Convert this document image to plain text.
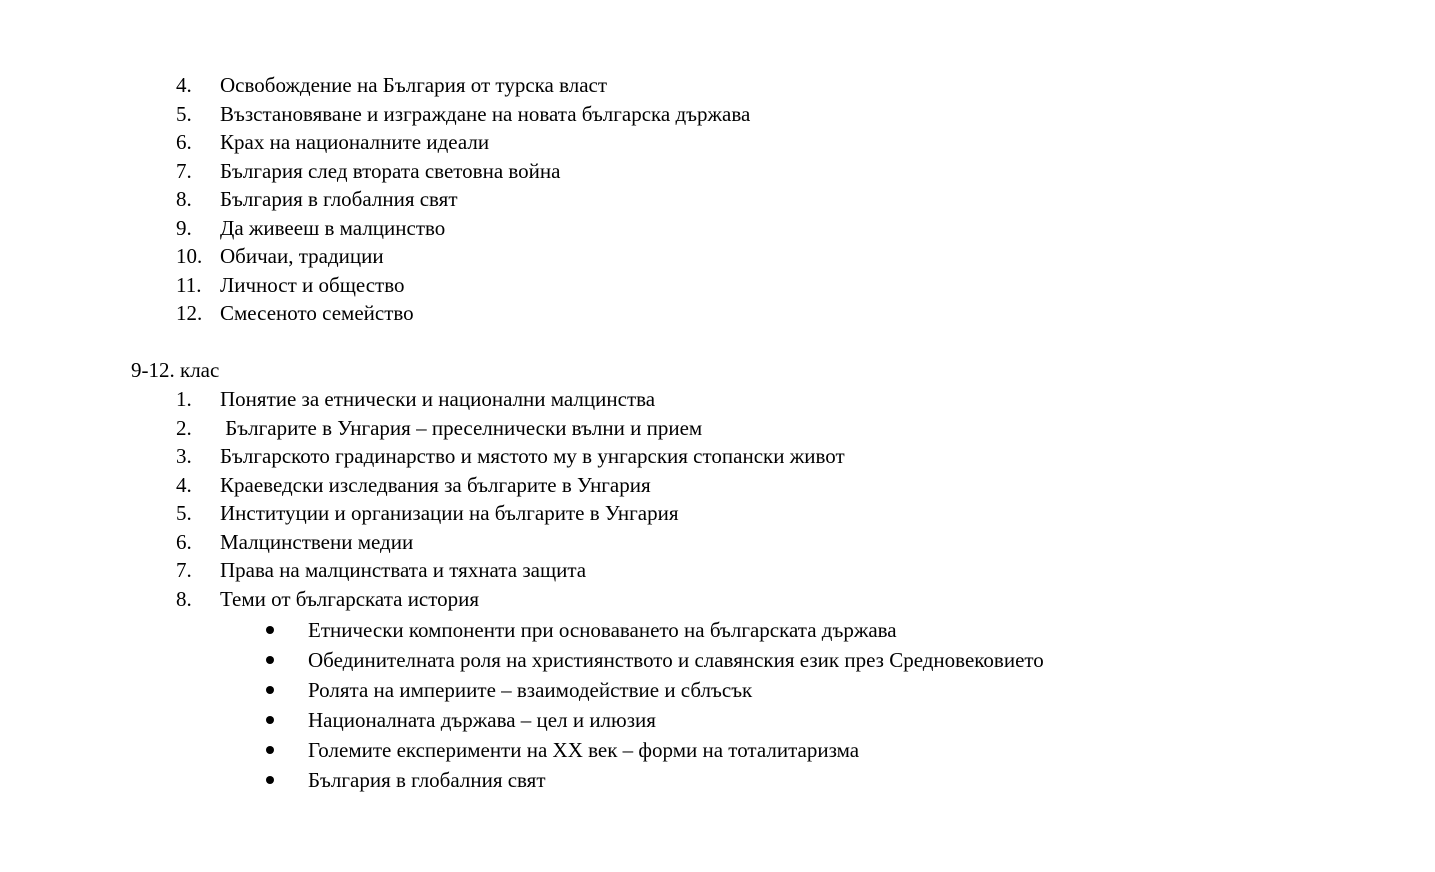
4. Освобождение на България от турска власт
5. Възстановяване и изграждане на новата българска държава
6. Крах на националните идеали
7. България след втората световна война
8. България в глобалния свят
9. Да живееш в малцинство
10. Обичаи, традиции
11. Личност и общество
12. Смесеното семейство
9-12. клас
1. Понятие за етнически и национални малцинства
2. Българите в Унгария – преселнически вълни и прием
3. Българското градинарство и мястото му в унгарския стопански живот
4. Краеведски изследвания за българите в Унгария
5. Институции и организации на българите в Унгария
6. Малцинствени медии
7. Права на малцинствата и тяхната защита
8. Теми от българската история
Етнически компоненти при основаването на българската държава
Обединителната роля на християнството и славянския език през Средновековието
Ролята на империите – взаимодействие и сблъсък
Националната държава – цел и илюзия
Големите експерименти на ХХ век – форми на тоталитаризма
България в глобалния свят
